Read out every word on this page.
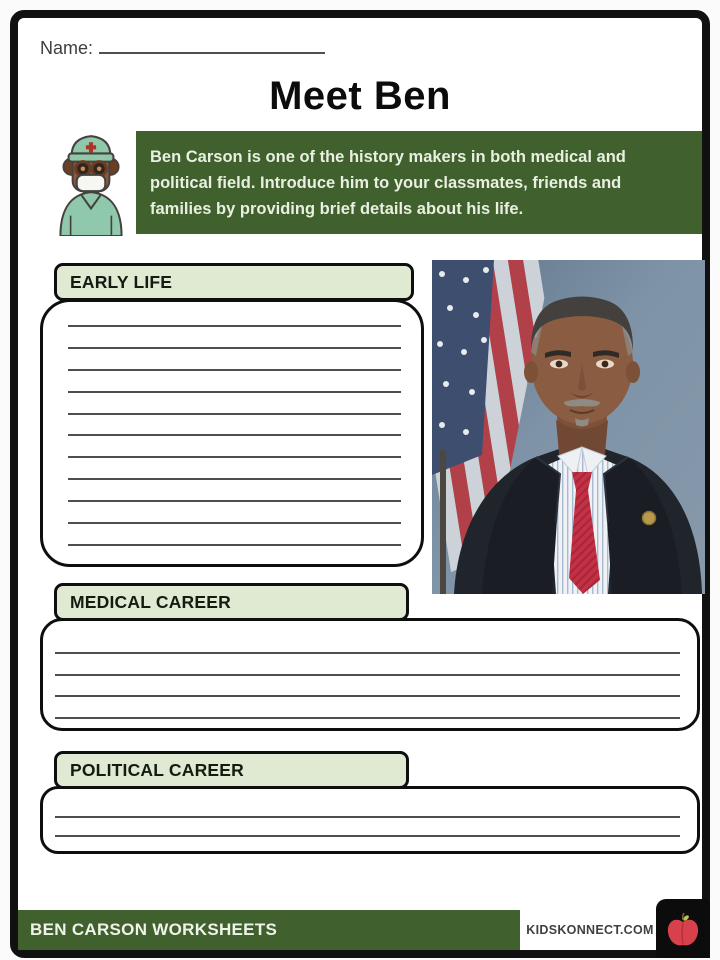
Name:
Meet Ben
Ben Carson is one of the history makers in both medical and
political field. Introduce him to your classmates, friends and
families by providing brief details about his life.
EARLY LIFE
MEDICAL CAREER
POLITICAL CAREER
BEN CARSON WORKSHEETS	KIDSKONNECT.COM
